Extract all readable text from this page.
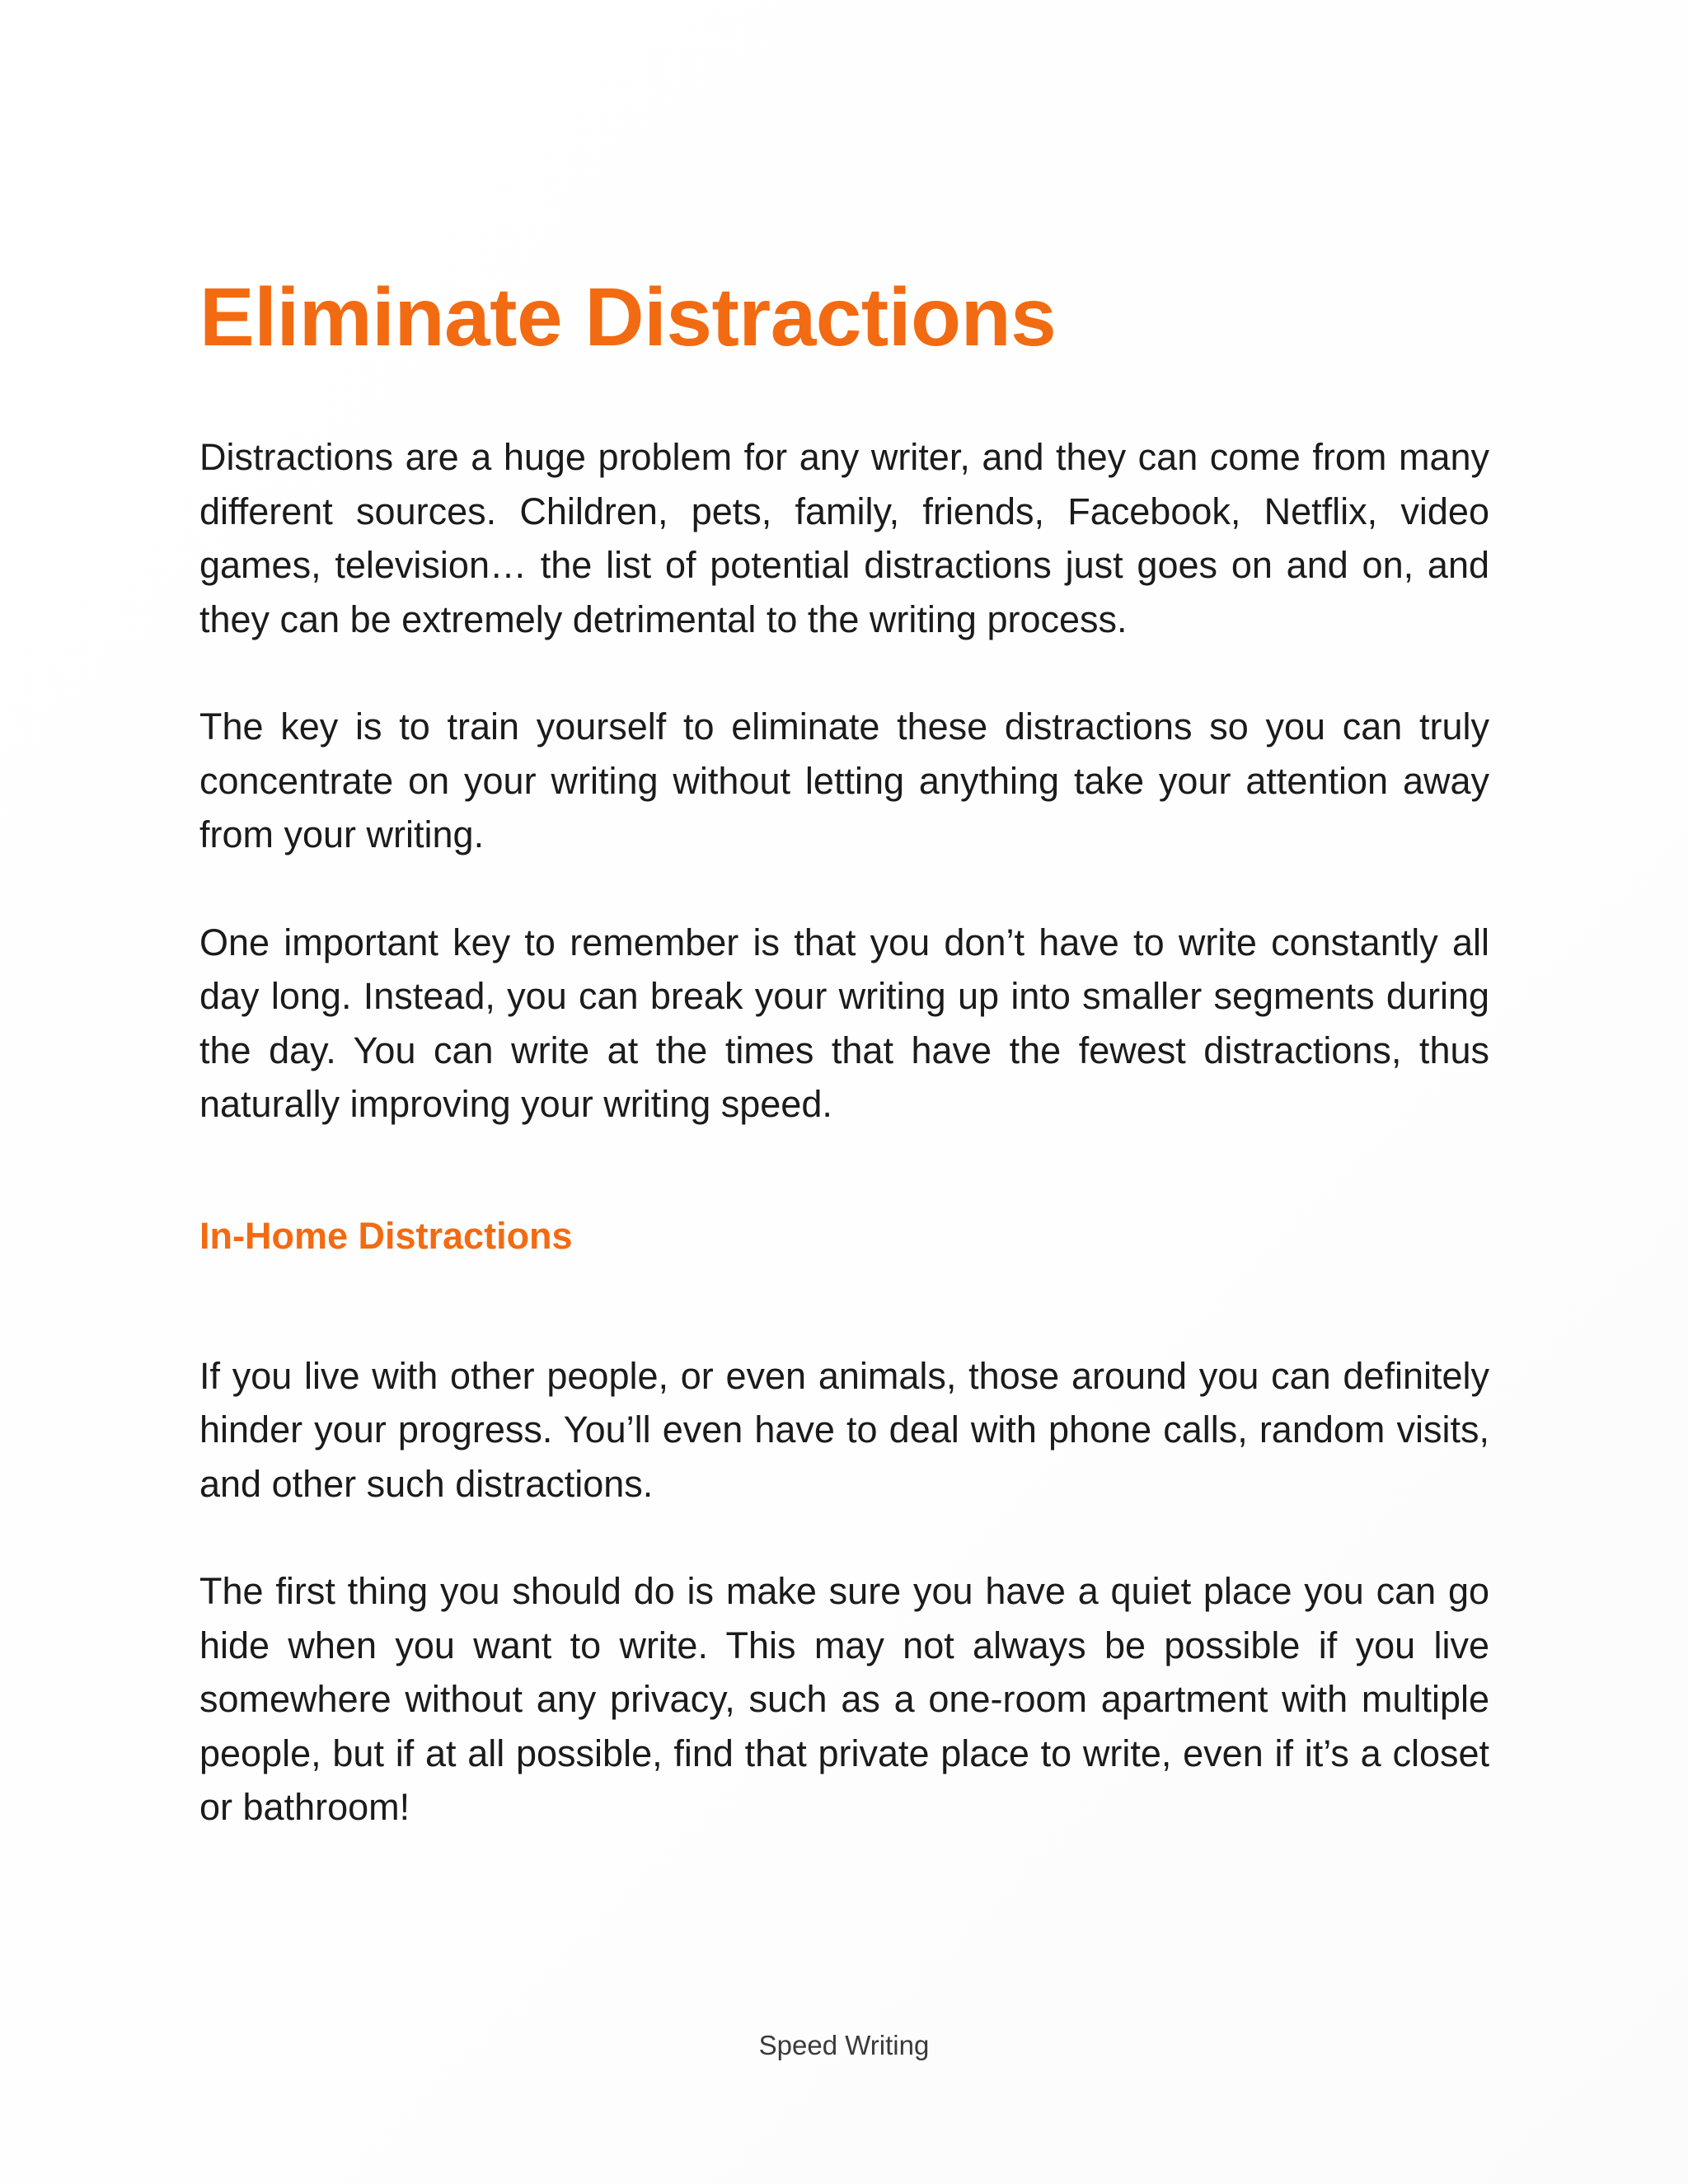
Eliminate Distractions

Distractions are a huge problem for any writer, and they can come from many different sources. Children, pets, family, friends, Facebook, Netflix, video games, television… the list of potential distractions just goes on and on, and they can be extremely detrimental to the writing process.

The key is to train yourself to eliminate these distractions so you can truly concentrate on your writing without letting anything take your attention away from your writing.

One important key to remember is that you don’t have to write constantly all day long. Instead, you can break your writing up into smaller segments during the day. You can write at the times that have the fewest distractions, thus naturally improving your writing speed.

In-Home Distractions

If you live with other people, or even animals, those around you can definitely hinder your progress. You’ll even have to deal with phone calls, random visits, and other such distractions.

The first thing you should do is make sure you have a quiet place you can go hide when you want to write. This may not always be possible if you live somewhere without any privacy, such as a one-room apartment with multiple people, but if at all possible, find that private place to write, even if it’s a closet or bathroom!

Speed Writing
